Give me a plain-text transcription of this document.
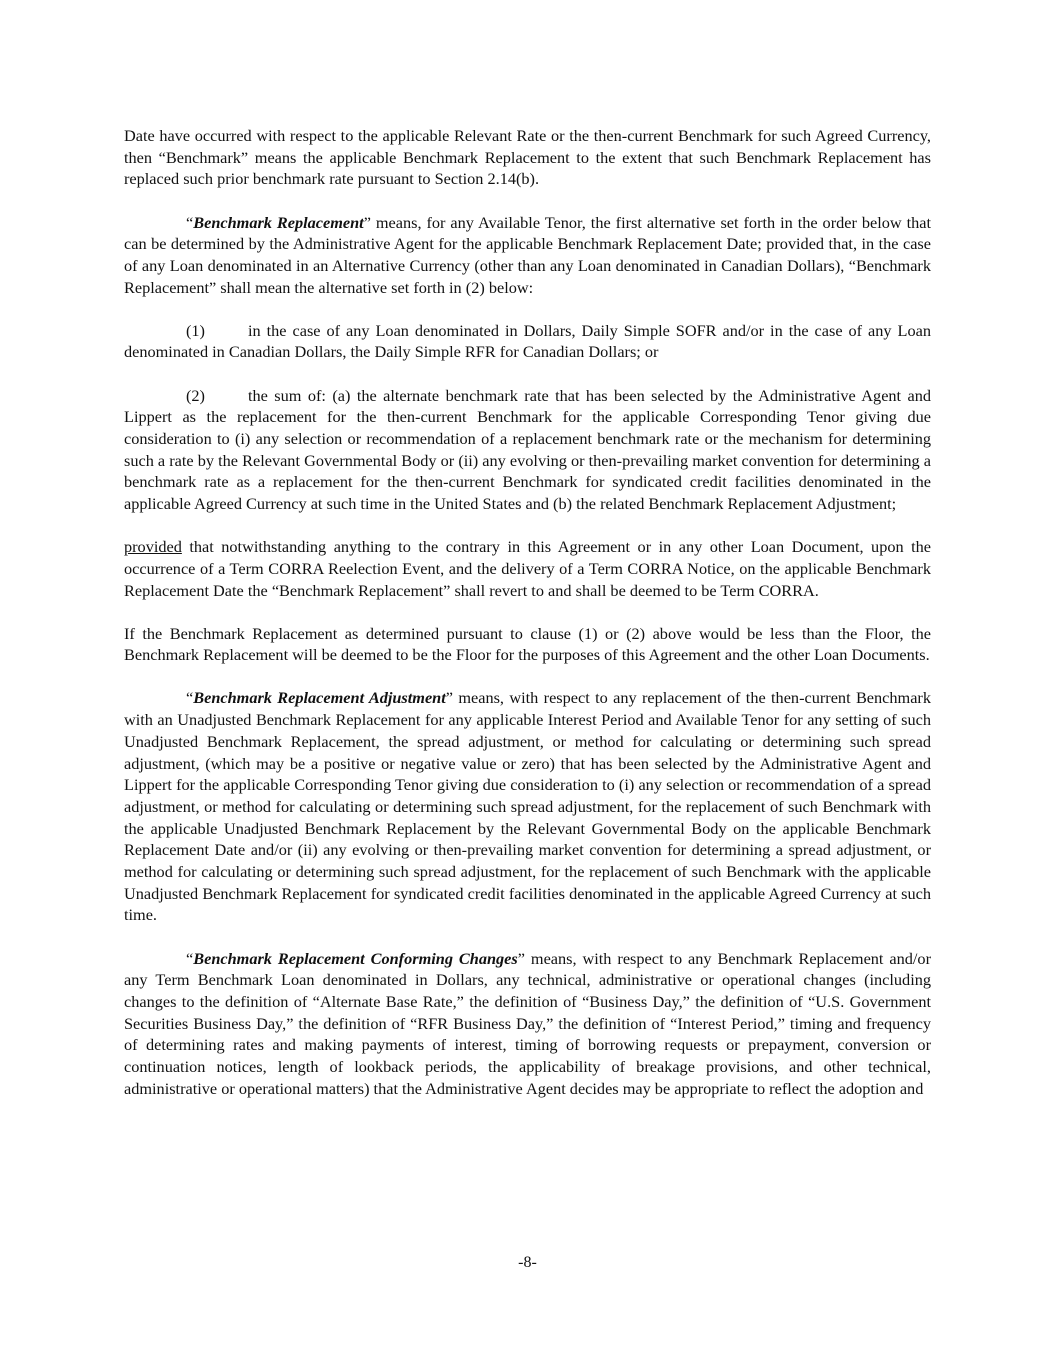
Date have occurred with respect to the applicable Relevant Rate or the then-current Benchmark for such Agreed Currency, then “Benchmark” means the applicable Benchmark Replacement to the extent that such Benchmark Replacement has replaced such prior benchmark rate pursuant to Section 2.14(b).

“Benchmark Replacement” means, for any Available Tenor, the first alternative set forth in the order below that can be determined by the Administrative Agent for the applicable Benchmark Replacement Date; provided that, in the case of any Loan denominated in an Alternative Currency (other than any Loan denominated in Canadian Dollars), “Benchmark Replacement” shall mean the alternative set forth in (2) below:

(1)	in the case of any Loan denominated in Dollars, Daily Simple SOFR and/or in the case of any Loan denominated in Canadian Dollars, the Daily Simple RFR for Canadian Dollars; or

(2)	the sum of: (a) the alternate benchmark rate that has been selected by the Administrative Agent and Lippert as the replacement for the then-current Benchmark for the applicable Corresponding Tenor giving due consideration to (i) any selection or recommendation of a replacement benchmark rate or the mechanism for determining such a rate by the Relevant Governmental Body or (ii) any evolving or then-prevailing market convention for determining a benchmark rate as a replacement for the then-current Benchmark for syndicated credit facilities denominated in the applicable Agreed Currency at such time in the United States and (b) the related Benchmark Replacement Adjustment;

provided that notwithstanding anything to the contrary in this Agreement or in any other Loan Document, upon the occurrence of a Term CORRA Reelection Event, and the delivery of a Term CORRA Notice, on the applicable Benchmark Replacement Date the “Benchmark Replacement” shall revert to and shall be deemed to be Term CORRA.

If the Benchmark Replacement as determined pursuant to clause (1) or (2) above would be less than the Floor, the Benchmark Replacement will be deemed to be the Floor for the purposes of this Agreement and the other Loan Documents.

“Benchmark Replacement Adjustment” means, with respect to any replacement of the then-current Benchmark with an Unadjusted Benchmark Replacement for any applicable Interest Period and Available Tenor for any setting of such Unadjusted Benchmark Replacement, the spread adjustment, or method for calculating or determining such spread adjustment, (which may be a positive or negative value or zero) that has been selected by the Administrative Agent and Lippert for the applicable Corresponding Tenor giving due consideration to (i) any selection or recommendation of a spread adjustment, or method for calculating or determining such spread adjustment, for the replacement of such Benchmark with the applicable Unadjusted Benchmark Replacement by the Relevant Governmental Body on the applicable Benchmark Replacement Date and/or (ii) any evolving or then-prevailing market convention for determining a spread adjustment, or method for calculating or determining such spread adjustment, for the replacement of such Benchmark with the applicable Unadjusted Benchmark Replacement for syndicated credit facilities denominated in the applicable Agreed Currency at such time.

“Benchmark Replacement Conforming Changes” means, with respect to any Benchmark Replacement and/or any Term Benchmark Loan denominated in Dollars, any technical, administrative or operational changes (including changes to the definition of “Alternate Base Rate,” the definition of “Business Day,” the definition of “U.S. Government Securities Business Day,” the definition of “RFR Business Day,” the definition of “Interest Period,” timing and frequency of determining rates and making payments of interest, timing of borrowing requests or prepayment, conversion or continuation notices, length of lookback periods, the applicability of breakage provisions, and other technical, administrative or operational matters) that the Administrative Agent decides may be appropriate to reflect the adoption and

-8-
